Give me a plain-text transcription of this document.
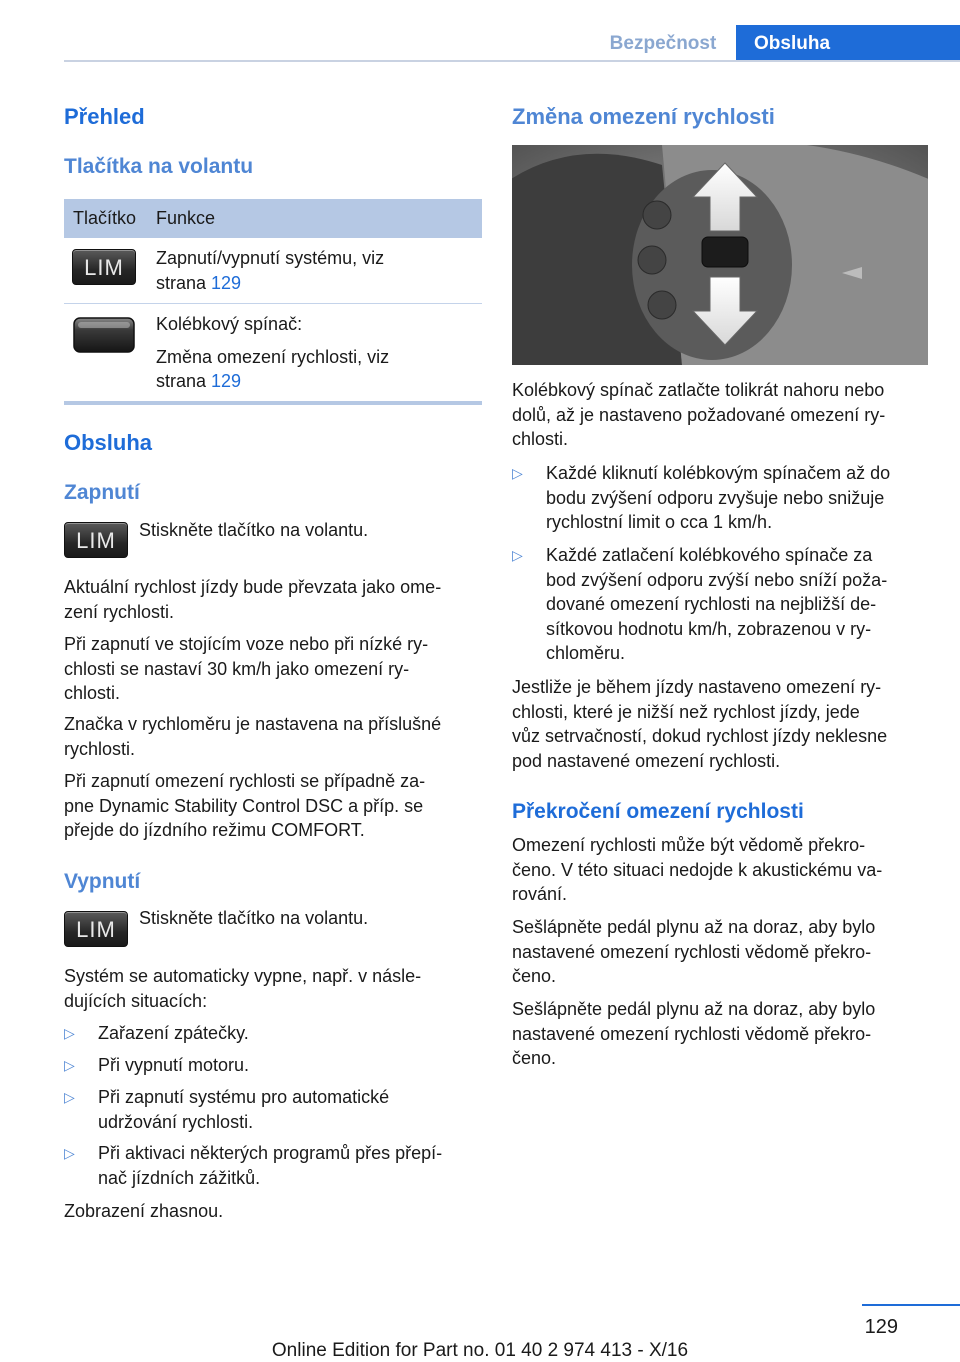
Bezpečnost	Obsluha
Přehled
Tlačítka na volantu
Tlačítko Funkce
LIM	Zapnutí/vypnutí systému, viz
strana 129
Kolébkový spínač:
Změna omezení rychlosti, viz
strana 129
Obsluha
Zapnutí
LIM	Stiskněte tlačítko na volantu.
Aktuální rychlost jízdy bude převzata jako ome-
zení rychlosti.
Při zapnutí ve stojícím voze nebo při nízké ry-
chlosti se nastaví 30 km/h jako omezení ry-
chlosti.
Značka v rychloměru je nastavena na příslušné
rychlosti.
Při zapnutí omezení rychlosti se případně za-
pne Dynamic Stability Control DSC a příp. se
přejde do jízdního režimu COMFORT.
Vypnutí
LIM	Stiskněte tlačítko na volantu.
Systém se automaticky vypne, např. v násle-
dujících situacích:
▷ Zařazení zpátečky.
▷ Při vypnutí motoru.
▷ Při zapnutí systému pro automatické
udržování rychlosti.
▷ Při aktivaci některých programů přes přepí-
nač jízdních zážitků.
Zobrazení zhasnou.
Změna omezení rychlosti
Kolébkový spínač zatlačte tolikrát nahoru nebo
dolů, až je nastaveno požadované omezení ry-
chlosti.
▷ Každé kliknutí kolébkovým spínačem až do
bodu zvýšení odporu zvyšuje nebo snižuje
rychlostní limit o cca 1 km/h.
▷ Každé zatlačení kolébkového spínače za
bod zvýšení odporu zvýší nebo sníží poža-
dované omezení rychlosti na nejbližší de-
sítkovou hodnotu km/h, zobrazenou v ry-
chloměru.
Jestliže je během jízdy nastaveno omezení ry-
chlosti, které je nižší než rychlost jízdy, jede
vůz setrvačností, dokud rychlost jízdy neklesne
pod nastavené omezení rychlosti.
Překročení omezení rychlosti
Omezení rychlosti může být vědomě překro-
čeno. V této situaci nedojde k akustickému va-
rování.
Sešlápněte pedál plynu až na doraz, aby bylo
nastavené omezení rychlosti vědomě překro-
čeno.
Sešlápněte pedál plynu až na doraz, aby bylo
nastavené omezení rychlosti vědomě překro-
čeno.
129
Online Edition for Part no. 01 40 2 974 413 - X/16
